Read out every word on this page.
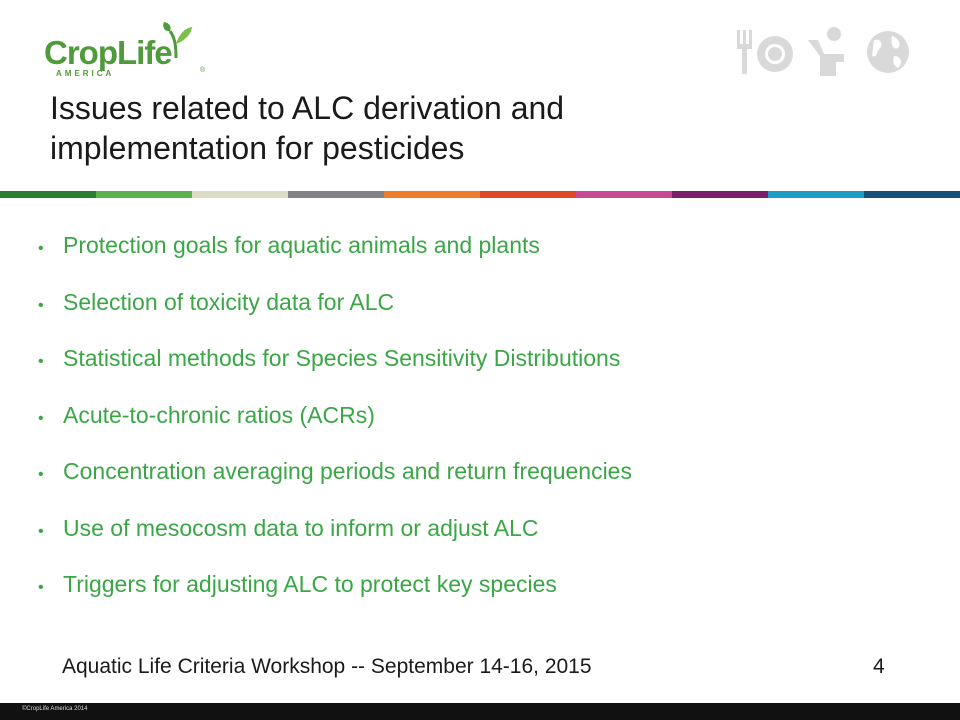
CropLife
AMERICA	®
Issues related to ALC derivation and
implementation for pesticides
• Protection goals for aquatic animals and plants
• Selection of toxicity data for ALC
• Statistical methods for Species Sensitivity Distributions
• Acute-to-chronic ratios (ACRs)
• Concentration averaging periods and return frequencies
• Use of mesocosm data to inform or adjust ALC
• Triggers for adjusting ALC to protect key species
Aquatic Life Criteria Workshop -- September 14-16, 2015	4
©CropLife America 2014
